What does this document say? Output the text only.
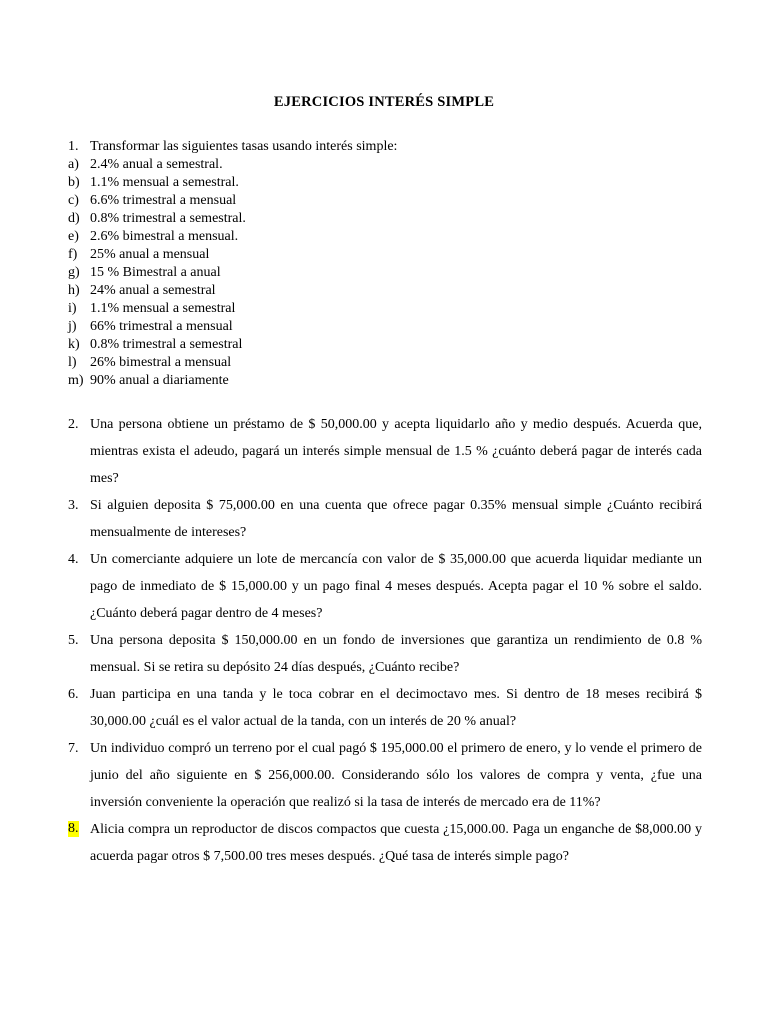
EJERCICIOS INTERÉS SIMPLE
1. Transformar las siguientes tasas usando interés simple:
a) 2.4% anual a semestral.
b) 1.1% mensual a semestral.
c) 6.6% trimestral a mensual
d) 0.8% trimestral a semestral.
e) 2.6% bimestral a mensual.
f) 25% anual a mensual
g) 15 % Bimestral a anual
h) 24% anual a semestral
i) 1.1% mensual a semestral
j) 66% trimestral a mensual
k) 0.8% trimestral a semestral
l) 26% bimestral a mensual
m) 90% anual a diariamente
2. Una persona obtiene un préstamo de $ 50,000.00 y acepta liquidarlo año y medio después. Acuerda que, mientras exista el adeudo, pagará un interés simple mensual de 1.5 % ¿cuánto deberá pagar de interés cada mes?
3. Si alguien deposita $ 75,000.00 en una cuenta que ofrece pagar 0.35% mensual simple ¿Cuánto recibirá mensualmente de intereses?
4. Un comerciante adquiere un lote de mercancía con valor de $ 35,000.00 que acuerda liquidar mediante un pago de inmediato de $ 15,000.00 y un pago final 4 meses después. Acepta pagar el 10 % sobre el saldo. ¿Cuánto deberá pagar dentro de 4 meses?
5. Una persona deposita $ 150,000.00 en un fondo de inversiones que garantiza un rendimiento de 0.8 % mensual. Si se retira su depósito 24 días después, ¿Cuánto recibe?
6. Juan participa en una tanda y le toca cobrar en el decimoctavo mes. Si dentro de 18 meses recibirá $ 30,000.00 ¿cuál es el valor actual de la tanda, con un interés de 20 % anual?
7. Un individuo compró un terreno por el cual pagó $ 195,000.00 el primero de enero, y lo vende el primero de junio del año siguiente en $ 256,000.00. Considerando sólo los valores de compra y venta, ¿fue una inversión conveniente la operación que realizó si la tasa de interés de mercado era de 11%?
8. Alicia compra un reproductor de discos compactos que cuesta ¿15,000.00. Paga un enganche de $8,000.00 y acuerda pagar otros $ 7,500.00 tres meses después. ¿Qué tasa de interés simple pago?
